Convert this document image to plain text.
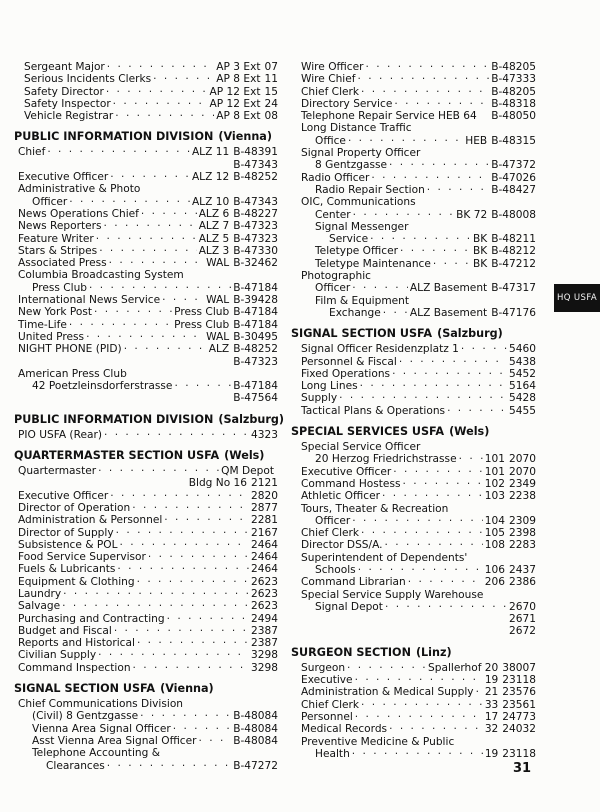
Sergeant Major · · ·	AP 3 Ext 07
Serious Incidents Clerks · · ·	AP 8 Ext 11
Safety Director · · ·	AP 12 Ext 15
Safety Inspector · · ·	AP 12 Ext 24
Vehicle Registrar · · ·	AP 8 Ext 08
PUBLIC INFORMATION DIVISION (Vienna)
Chief · · ·	ALZ 11 B-48391
B-47343
Executive Officer · · ·	ALZ 12 B-48252
Administrative & Photo
Officer · · ·	ALZ 10 B-47343
News Operations Chief · · ·	ALZ 6 B-48227
News Reporters · · ·	ALZ 7 B-47323
Feature Writer · · ·	ALZ 5 B-47323
Stars & Stripes · · ·	ALZ 3 B-47330
Associated Press · · ·	WAL B-32462
Columbia Broadcasting System
Press Club · · ·	B-47184
International News Service · · ·	WAL B-39428
New York Post · · ·	Press Club B-47184
Time-Life · · ·	Press Club B-47184
United Press · · ·	WAL B-30495
NIGHT PHONE (PID) · · ·	ALZ B-48252
B-47323
American Press Club
42 Poetzleinsdorferstrasse · · ·	B-47184
B-47564
PUBLIC INFORMATION DIVISION (Salzburg)
PIO USFA (Rear) · · ·	4323
QUARTERMASTER SECTION USFA (Wels)
Quartermaster · · ·	QM Depot
Bldg No 16 2121
Executive Officer · · ·	2820
Director of Operation · · ·	2877
Administration & Personnel · · ·	2281
Director of Supply · · ·	2167
Subsistence & POL · · ·	2464
Food Service Supervisor · · ·	2464
Fuels & Lubricants · · ·	2464
Equipment & Clothing · · ·	2623
Laundry · · ·	2623
Salvage · · ·	2623
Purchasing and Contracting · · ·	2494
Budget and Fiscal · · ·	2387
Reports and Historical · · ·	2387
Civilian Supply · · ·	3298
Command Inspection · · ·	3298
SIGNAL SECTION USFA (Vienna)
Chief Communications Division
(Civil) 8 Gentzgasse · · ·	B-48084
Vienna Area Signal Officer · · ·	B-48084
Asst Vienna Area Signal Officer · · ·	B-48084
Telephone Accounting &
Clearances · · ·	B-47272
Wire Officer · · ·	B-48205
Wire Chief · · ·	B-47333
Chief Clerk · · ·	B-48205
Directory Service · · ·	B-48318
Telephone Repair Service HEB 64 B-48050
Long Distance Traffic
Office · · ·	HEB B-48315
Signal Property Officer
8 Gentzgasse · · ·	B-47372
Radio Officer · · ·	B-47026
Radio Repair Section · · ·	B-48427
OIC, Communications
Center · · ·	BK 72 B-48008
Signal Messenger
Service · · ·	BK B-48211
Teletype Officer · · ·	BK B-48212
Teletype Maintenance · · ·	BK B-47212
Photographic
Officer · · ·	ALZ Basement B-47317
Film & Equipment
Exchange · · ·	ALZ Basement B-47176
SIGNAL SECTION USFA (Salzburg)
Signal Officer Residenzplatz 1 · · ·	5460
Personnel & Fiscal · · ·	5438
Fixed Operations · · ·	5452
Long Lines · · ·	5164
Supply · · ·	5428
Tactical Plans & Operations · · ·	5455
SPECIAL SERVICES USFA (Wels)
Special Service Officer
20 Herzog Friedrichstrasse · · ·	101 2070
Executive Officer · · ·	101 2070
Command Hostess · · ·	102 2349
Athletic Officer · · ·	103 2238
Tours, Theater & Recreation
Officer · · ·	104 2309
Chief Clerk · · ·	105 2398
Director DSS/A. · · ·	108 2283
Superintendent of Dependents'
Schools · · ·	106 2437
Command Librarian · · ·	206 2386
Special Service Supply Warehouse
Signal Depot · · ·	2670
2671
2672
SURGEON SECTION (Linz)
Surgeon · · ·	Spallerhof 20 38007
Executive · · ·	19 23118
Administration & Medical Supply · · · 21 23576
Chief Clerk · · ·	33 23561
Personnel · · ·	17 24773
Medical Records · · ·	32 24032
Preventive Medicine & Public
Health · · ·	19 23118
HQ USFA
31
